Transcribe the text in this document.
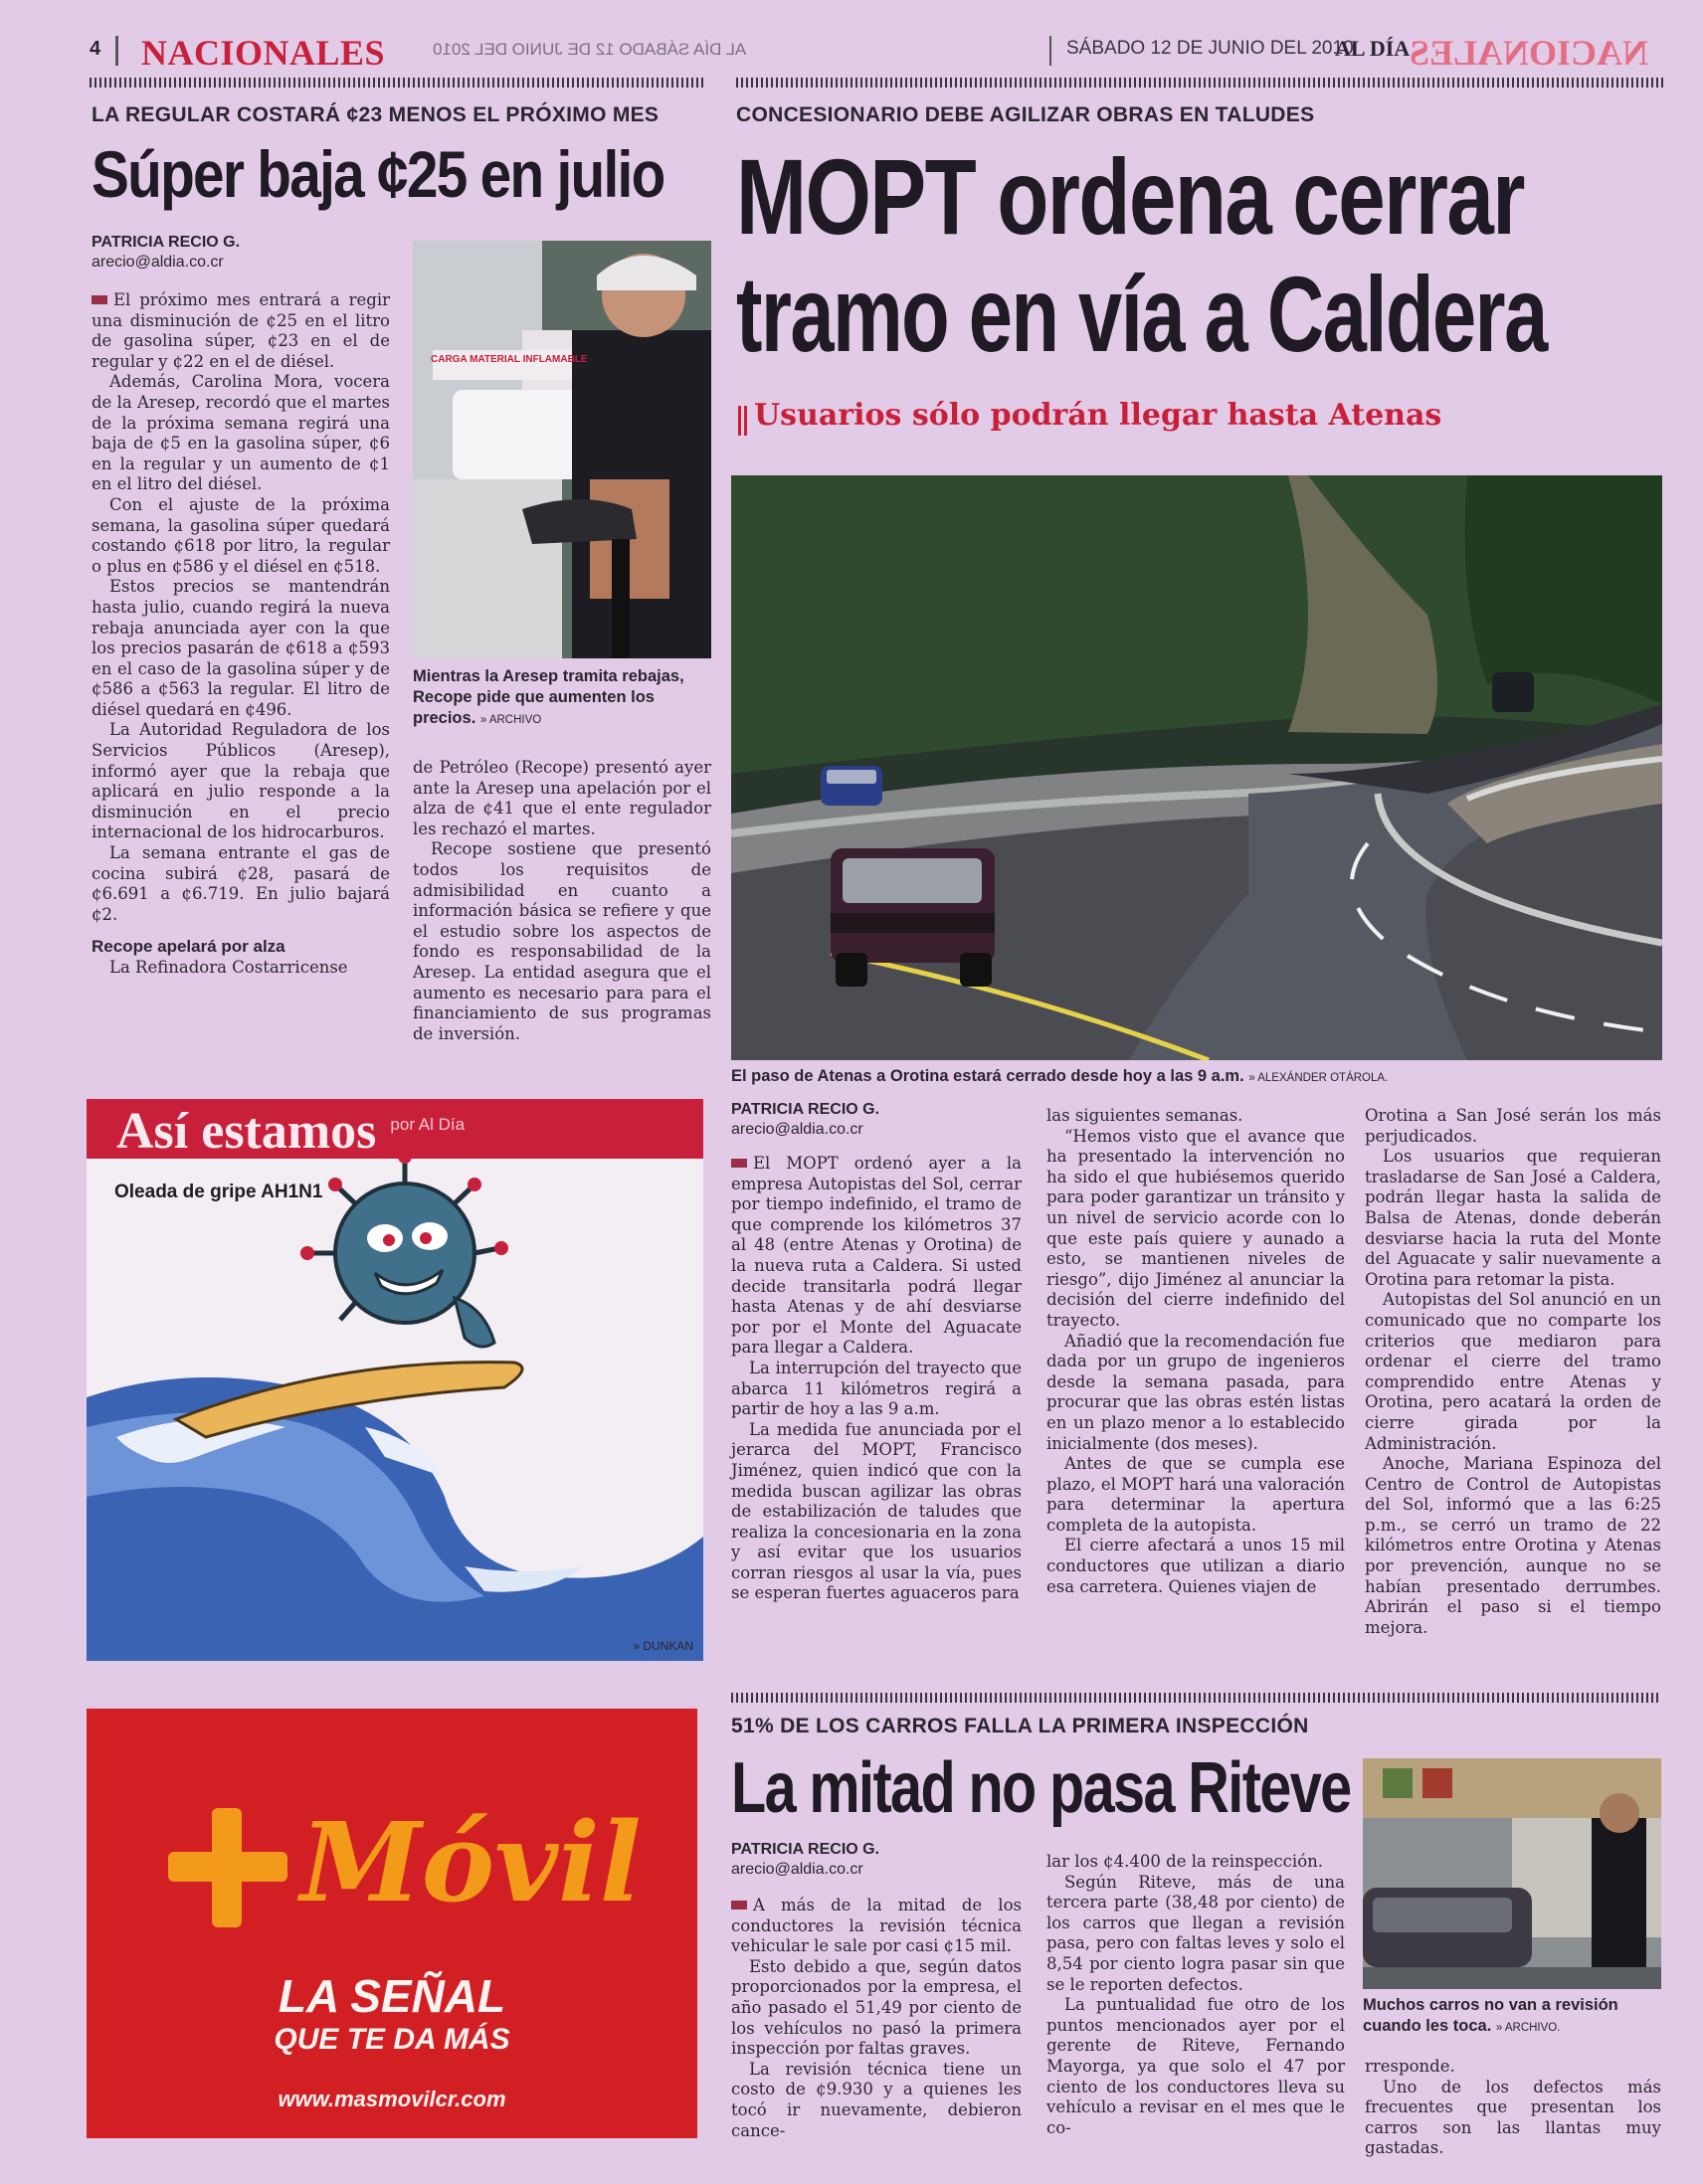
4 NACIONALES	AL DÍA SÁBADO 12 DE JUNIO DEL 2010	SÁBADO 12 DE JUNIO DEL 2010
AL DÍA NACIONALES
LA REGULAR COSTARÁ ¢23 MENOS EL PRÓXIMO MES
Súper baja ¢25 en julio
PATRICIA RECIO G.
arecio@aldia.co.cr

El próximo mes entrará a regir una disminución de ¢25 en el litro de gasolina súper, ¢23 en el de regular y ¢22 en el de diésel.

Además, Carolina Mora, vocera de la Aresep, recordó que el martes de la próxima semana regirá una baja de ¢5 en la gasolina súper, ¢6 en la regular y un aumento de ¢1 en el litro del diésel.

Con el ajuste de la próxima semana, la gasolina súper quedará costando ¢618 por litro, la regular o plus en ¢586 y el diésel en ¢518.

Estos precios se mantendrán hasta julio, cuando regirá la nueva rebaja anunciada ayer con la que los precios pasarán de ¢618 a ¢593 en el caso de la gasolina súper y de ¢586 a ¢563 la regular. El litro de diésel quedará en ¢496.

La Autoridad Reguladora de los Servicios Públicos (Aresep), informó ayer que la rebaja que aplicará en julio responde a la disminución en el precio internacional de los hidrocarburos.

La semana entrante el gas de cocina subirá ¢28, pasará de ¢6.691 a ¢6.719. En julio bajará ¢2.

Recope apelará por alza

La Refinadora Costarricense

CARGA MATERIAL INFLAMABLE
Mientras la Aresep tramita rebajas, Recope pide que aumenten los precios. » ARCHIVO

de Petróleo (Recope) presentó ayer ante la Aresep una apelación por el alza de ¢41 que el ente regulador les rechazó el martes.

Recope sostiene que presentó todos los requisitos de admisibilidad en cuanto a información básica se refiere y que el estudio sobre los aspectos de fondo es responsabilidad de la Aresep. La entidad asegura que el aumento es necesario para para el financiamiento de sus programas de inversión.

Así estamos $^{por Al Día}$
Oleada de gripe AH1N1
» DUNKAN
Móvil
LA SEÑAL
QUE TE DA MÁS
www.masmovilcr.com
CONCESIONARIO DEBE AGILIZAR OBRAS EN TALUDES
MOPT ordena cerrar
tramo en vía a Caldera
Usuarios sólo podrán llegar hasta Atenas
El paso de Atenas a Orotina estará cerrado desde hoy a las 9 a.m. » ALEXÁNDER OTÁROLA.
PATRICIA RECIO G.
arecio@aldia.co.cr

El MOPT ordenó ayer a la empresa Autopistas del Sol, cerrar por tiempo indefinido, el tramo de que comprende los kilómetros 37 al 48 (entre Atenas y Orotina) de la nueva ruta a Caldera. Si usted decide transitarla podrá llegar hasta Atenas y de ahí desviarse por por el Monte del Aguacate para llegar a Caldera.

La interrupción del trayecto que abarca 11 kilómetros regirá a partir de hoy a las 9 a.m.

La medida fue anunciada por el jerarca del MOPT, Francisco Jiménez, quien indicó que con la medida buscan agilizar las obras de estabilización de taludes que realiza la concesionaria en la zona y así evitar que los usuarios corran riesgos al usar la vía, pues se esperan fuertes aguaceros para

las siguientes semanas.

“Hemos visto que el avance que ha presentado la intervención no ha sido el que hubiésemos querido para poder garantizar un tránsito y un nivel de servicio acorde con lo que este país quiere y aunado a esto, se mantienen niveles de riesgo”, dijo Jiménez al anunciar la decisión del cierre indefinido del trayecto.

Añadió que la recomendación fue dada por un grupo de ingenieros desde la semana pasada, para procurar que las obras estén listas en un plazo menor a lo establecido inicialmente (dos meses).

Antes de que se cumpla ese plazo, el MOPT hará una valoración para determinar la apertura completa de la autopista.

El cierre afectará a unos 15 mil conductores que utilizan a diario esa carretera. Quienes viajen de

Orotina a San José serán los más perjudicados.

Los usuarios que requieran trasladarse de San José a Caldera, podrán llegar hasta la salida de Balsa de Atenas, donde deberán desviarse hacia la ruta del Monte del Aguacate y salir nuevamente a Orotina para retomar la pista.

Autopistas del Sol anunció en un comunicado que no comparte los criterios que mediaron para ordenar el cierre del tramo comprendido entre Atenas y Orotina, pero acatará la orden de cierre girada por la Administración.

Anoche, Mariana Espinoza del Centro de Control de Autopistas del Sol, informó que a las 6:25 p.m., se cerró un tramo de 22 kilómetros entre Orotina y Atenas por prevención, aunque no se habían presentado derrumbes. Abrirán el paso si el tiempo mejora.

51% DE LOS CARROS FALLA LA PRIMERA INSPECCIÓN
La mitad no pasa Riteve
PATRICIA RECIO G.
arecio@aldia.co.cr

A más de la mitad de los conductores la revisión técnica vehicular le sale por casi ¢15 mil.

Esto debido a que, según datos proporcionados por la empresa, el año pasado el 51,49 por ciento de los vehículos no pasó la primera inspección por faltas graves.

La revisión técnica tiene un costo de ¢9.930 y a quienes les tocó ir nuevamente, debieron cance-

lar los ¢4.400 de la reinspección.

Según Riteve, más de una tercera parte (38,48 por ciento) de los carros que llegan a revisión pasa, pero con faltas leves y solo el 8,54 por ciento logra pasar sin que se le reporten defectos.

La puntualidad fue otro de los puntos mencionados ayer por el gerente de Riteve, Fernando Mayorga, ya que solo el 47 por ciento de los conductores lleva su vehículo a revisar en el mes que le co-

Muchos carros no van a revisión cuando les toca. » ARCHIVO.

rresponde.

Uno de los defectos más frecuentes que presentan los carros son las llantas muy gastadas.
